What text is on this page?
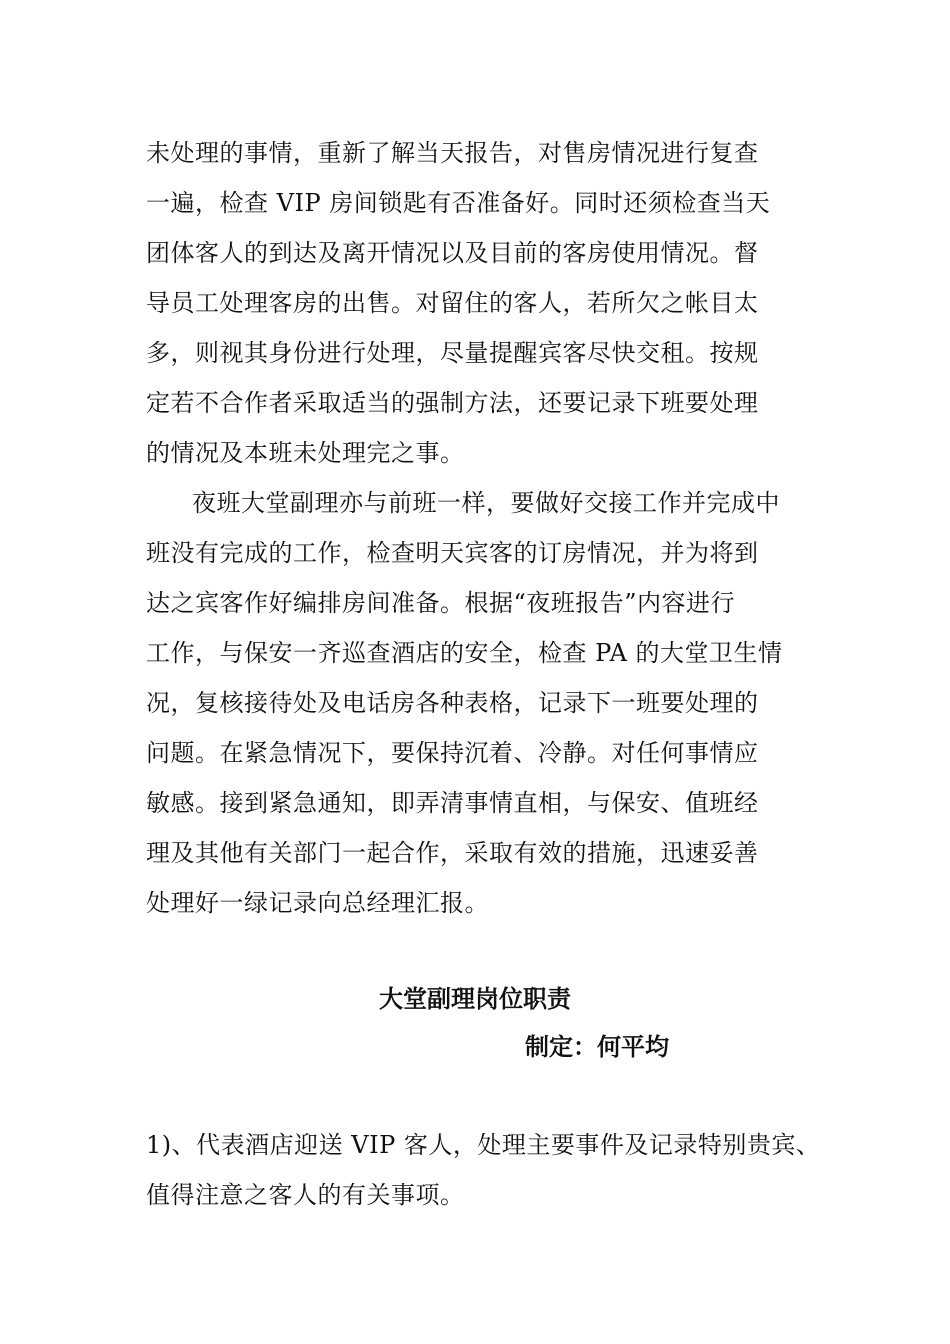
未处理的事情，重新了解当天报告，对售房情况进行复查
一遍，检查 VIP 房间锁匙有否准备好。同时还须检查当天
团体客人的到达及离开情况以及目前的客房使用情况。督
导员工处理客房的出售。对留住的客人，若所欠之帐目太
多，则视其身份进行处理，尽量提醒宾客尽快交租。按规
定若不合作者采取适当的强制方法，还要记录下班要处理
的情况及本班未处理完之事。

夜班大堂副理亦与前班一样，要做好交接工作并完成中
班没有完成的工作，检查明天宾客的订房情况，并为将到
达之宾客作好编排房间准备。根据“夜班报告”内容进行
工作，与保安一齐巡查酒店的安全，检查 PA 的大堂卫生情
况，复核接待处及电话房各种表格，记录下一班要处理的
问题。在紧急情况下，要保持沉着、冷静。对任何事情应
敏感。接到紧急通知，即弄清事情直相，与保安、值班经
理及其他有关部门一起合作，采取有效的措施，迅速妥善
处理好一绿记录向总经理汇报。

大堂副理岗位职责
制定：何平均

1)、代表酒店迎送 VIP 客人，处理主要事件及记录特别贵宾、
值得注意之客人的有关事项。
